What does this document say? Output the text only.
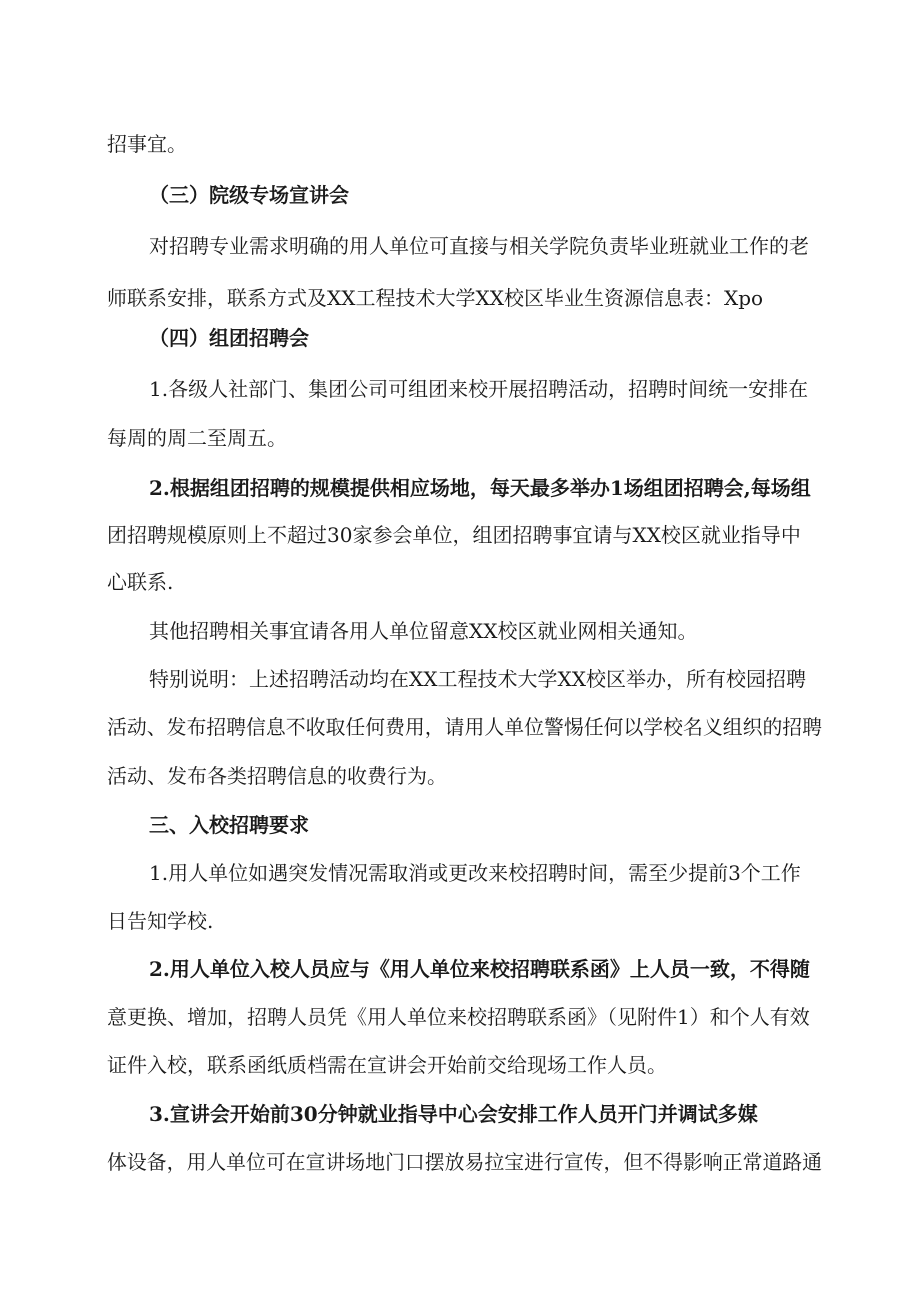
招事宜。
（三）院级专场宣讲会
对招聘专业需求明确的用人单位可直接与相关学院负责毕业班就业工作的老
师联系安排，联系方式及XX工程技术大学XX校区毕业生资源信息表：Xpo
（四）组团招聘会
1.各级人社部门、集团公司可组团来校开展招聘活动，招聘时间统一安排在
每周的周二至周五。
2.根据组团招聘的规模提供相应场地，每天最多举办1场组团招聘会,每场组
团招聘规模原则上不超过30家参会单位，组团招聘事宜请与XX校区就业指导中
心联系.
其他招聘相关事宜请各用人单位留意XX校区就业网相关通知。
特别说明：上述招聘活动均在XX工程技术大学XX校区举办，所有校园招聘
活动、发布招聘信息不收取任何费用，请用人单位警惕任何以学校名义组织的招聘
活动、发布各类招聘信息的收费行为。
三、入校招聘要求
1.用人单位如遇突发情况需取消或更改来校招聘时间，需至少提前3个工作
日告知学校.
2.用人单位入校人员应与《用人单位来校招聘联系函》上人员一致，不得随
意更换、增加，招聘人员凭《用人单位来校招聘联系函》（见附件1）和个人有效
证件入校，联系函纸质档需在宣讲会开始前交给现场工作人员。
3.宣讲会开始前30分钟就业指导中心会安排工作人员开门并调试多媒
体设备，用人单位可在宣讲场地门口摆放易拉宝进行宣传，但不得影响正常道路通
